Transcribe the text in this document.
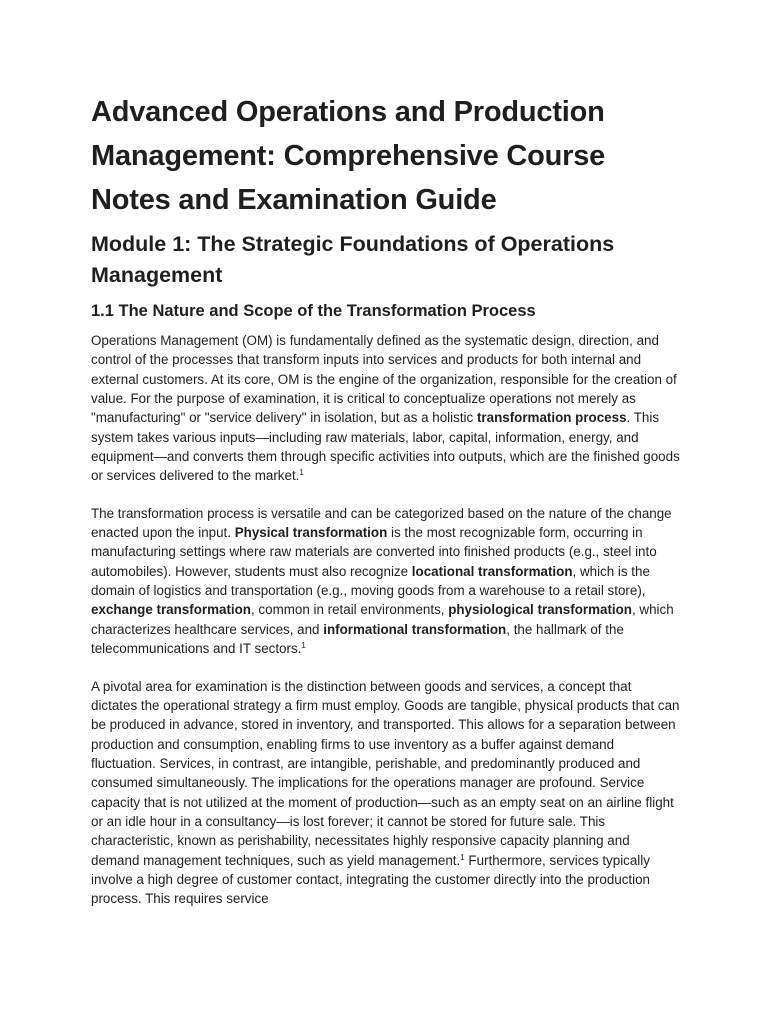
Advanced Operations and Production Management: Comprehensive Course Notes and Examination Guide
Module 1: The Strategic Foundations of Operations Management
1.1 The Nature and Scope of the Transformation Process

Operations Management (OM) is fundamentally defined as the systematic design, direction, and control of the processes that transform inputs into services and products for both internal and external customers. At its core, OM is the engine of the organization, responsible for the creation of value. For the purpose of examination, it is critical to conceptualize operations not merely as "manufacturing" or "service delivery" in isolation, but as a holistic transformation process. This system takes various inputs—including raw materials, labor, capital, information, energy, and equipment—and converts them through specific activities into outputs, which are the finished goods or services delivered to the market.$^1$

The transformation process is versatile and can be categorized based on the nature of the change enacted upon the input. Physical transformation is the most recognizable form, occurring in manufacturing settings where raw materials are converted into finished products (e.g., steel into automobiles). However, students must also recognize locational transformation, which is the domain of logistics and transportation (e.g., moving goods from a warehouse to a retail store), exchange transformation, common in retail environments, physiological transformation, which characterizes healthcare services, and informational transformation, the hallmark of the telecommunications and IT sectors.$^1$

A pivotal area for examination is the distinction between goods and services, a concept that dictates the operational strategy a firm must employ. Goods are tangible, physical products that can be produced in advance, stored in inventory, and transported. This allows for a separation between production and consumption, enabling firms to use inventory as a buffer against demand fluctuation. Services, in contrast, are intangible, perishable, and predominantly produced and consumed simultaneously. The implications for the operations manager are profound. Service capacity that is not utilized at the moment of production—such as an empty seat on an airline flight or an idle hour in a consultancy—is lost forever; it cannot be stored for future sale. This characteristic, known as perishability, necessitates highly responsive capacity planning and demand management techniques, such as yield management.$^1$ Furthermore, services typically involve a high degree of customer contact, integrating the customer directly into the production process. This requires service
